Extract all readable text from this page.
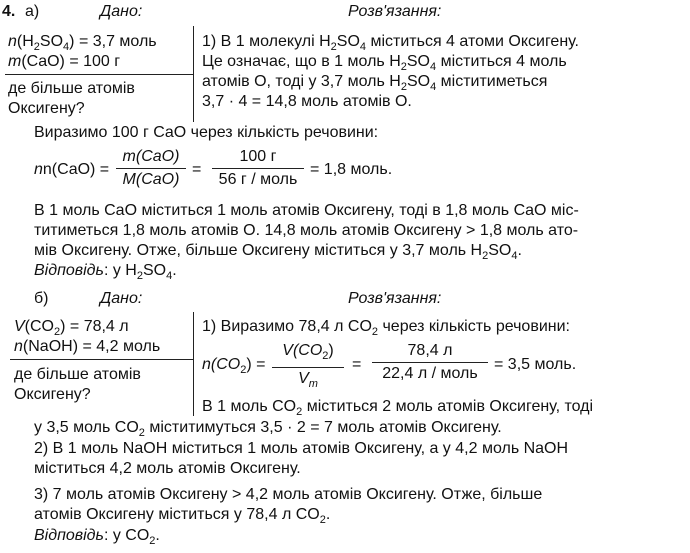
4. а)	Дано:	Розв'язання:
$n(H_2SO_4) = 3,7$ моль
m(CaO) = 100 г
де більше атомів
Оксигену?
1) В 1 молекулі $H_2SO_4$ міститься 4 атоми Оксигену.
Це означає, що в 1 моль $H_2SO_4$ міститься 4 моль
атомів О, тоді у 3,7 моль $H_2SO_4$ міститиметься
3,7 · 4 = 14,8 моль атомів О.
Виразимо 100 г CaO через кількість речовини:
nn(CaO) =
m(CaO)
M(CaO)
=
100 г
56 г / моль
= 1,8 моль.
В 1 моль CaO міститься 1 моль атомів Оксигену, тоді в 1,8 моль CaO міс-
титиметься 1,8 моль атомів О. 14,8 моль атомів Оксигену > 1,8 моль ато-
мів Оксигену. Отже, більше Оксигену міститься у 3,7 моль $H_2SO_4$.
Відповідь: у $H_2SO_4$.
б)	Дано:	Розв'язання:
$V(CO_2) = 78,4$ л
n(NaOH) = 4,2 моль
де більше атомів
Оксигену?
1) Виразимо 78,4 л $CO_2$ через кількість речовини:
$n(CO_2)$ =
$V(CO_2)$
$V_m$
=
78,4 л
22,4 л / моль
= 3,5 моль.
В 1 моль $CO_2$ міститься 2 моль атомів Оксигену, тоді
у 3,5 моль $CO_2$ міститимуться 3,5 · 2 = 7 моль атомів Оксигену.
2) В 1 моль NaOH міститься 1 моль атомів Оксигену, а у 4,2 моль NaOH
міститься 4,2 моль атомів Оксигену.
3) 7 моль атомів Оксигену > 4,2 моль атомів Оксигену. Отже, більше
атомів Оксигену міститься у 78,4 л $CO_2$.
Відповідь: у $CO_2$.
